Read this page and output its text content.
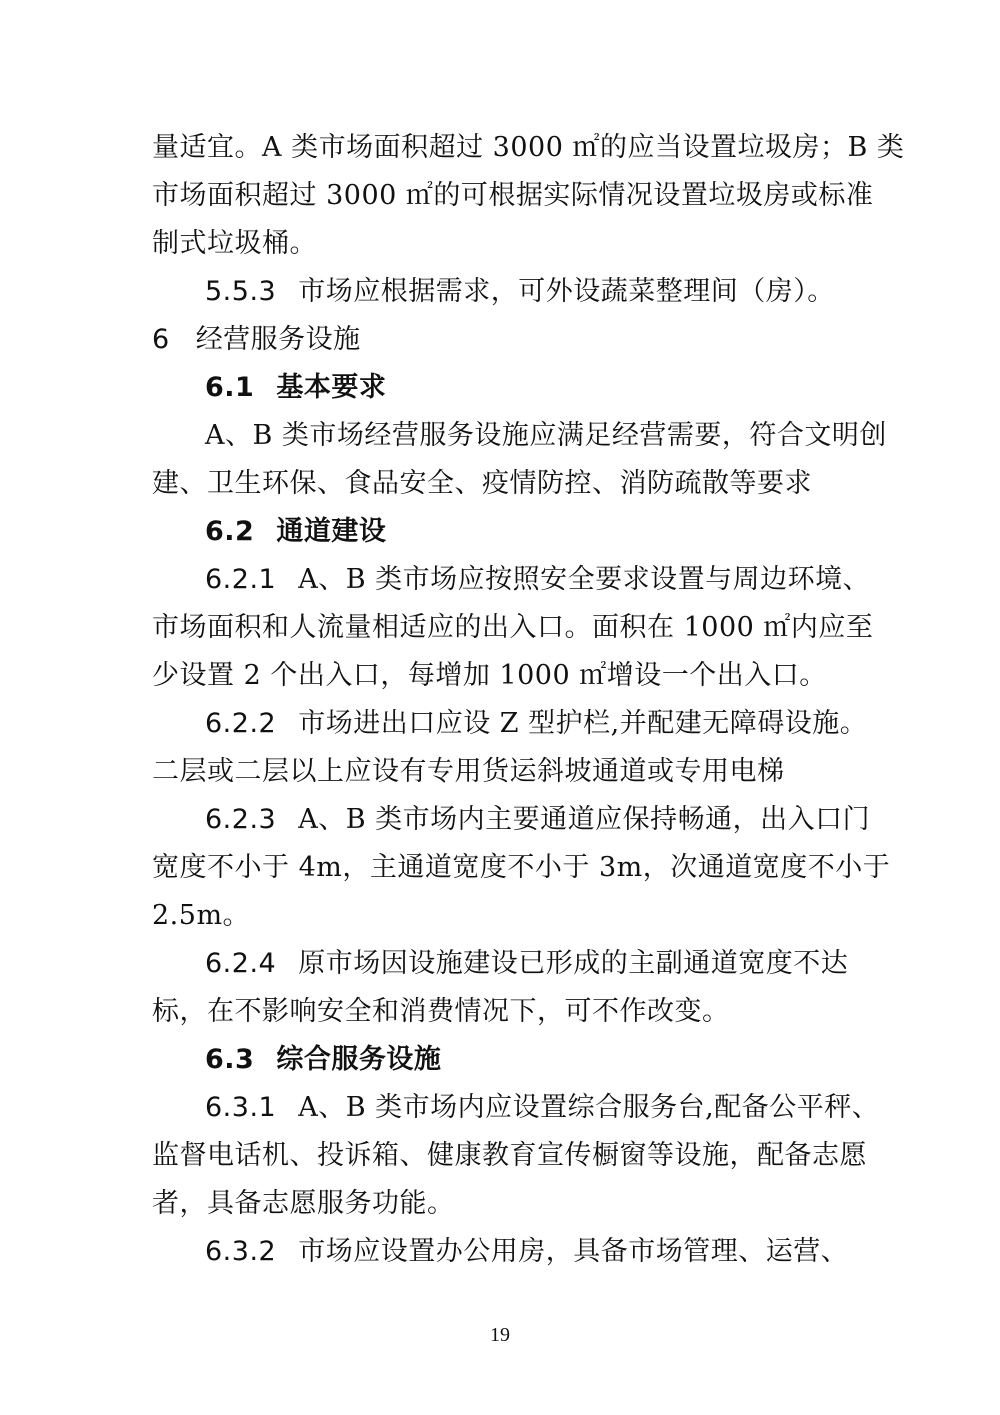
量适宜。A 类市场面积超过 3000 ㎡的应当设置垃圾房；B 类
市场面积超过 3000 ㎡的可根据实际情况设置垃圾房或标准
制式垃圾桶。
5.5.3 市场应根据需求，可外设蔬菜整理间（房）。
6 经营服务设施
6.1 基本要求
A、B 类市场经营服务设施应满足经营需要，符合文明创
建、卫生环保、食品安全、疫情防控、消防疏散等要求
6.2 通道建设
6.2.1 A、B 类市场应按照安全要求设置与周边环境、
市场面积和人流量相适应的出入口。面积在 1000 ㎡内应至
少设置 2 个出入口，每增加 1000 ㎡增设一个出入口。
6.2.2 市场进出口应设 Z 型护栏,并配建无障碍设施。
二层或二层以上应设有专用货运斜坡通道或专用电梯
6.2.3 A、B 类市场内主要通道应保持畅通，出入口门
宽度不小于 4m，主通道宽度不小于 3m，次通道宽度不小于
2.5m。
6.2.4 原市场因设施建设已形成的主副通道宽度不达
标，在不影响安全和消费情况下，可不作改变。
6.3 综合服务设施
6.3.1 A、B 类市场内应设置综合服务台,配备公平秤、
监督电话机、投诉箱、健康教育宣传橱窗等设施，配备志愿
者，具备志愿服务功能。
6.3.2 市场应设置办公用房，具备市场管理、运营、
19
